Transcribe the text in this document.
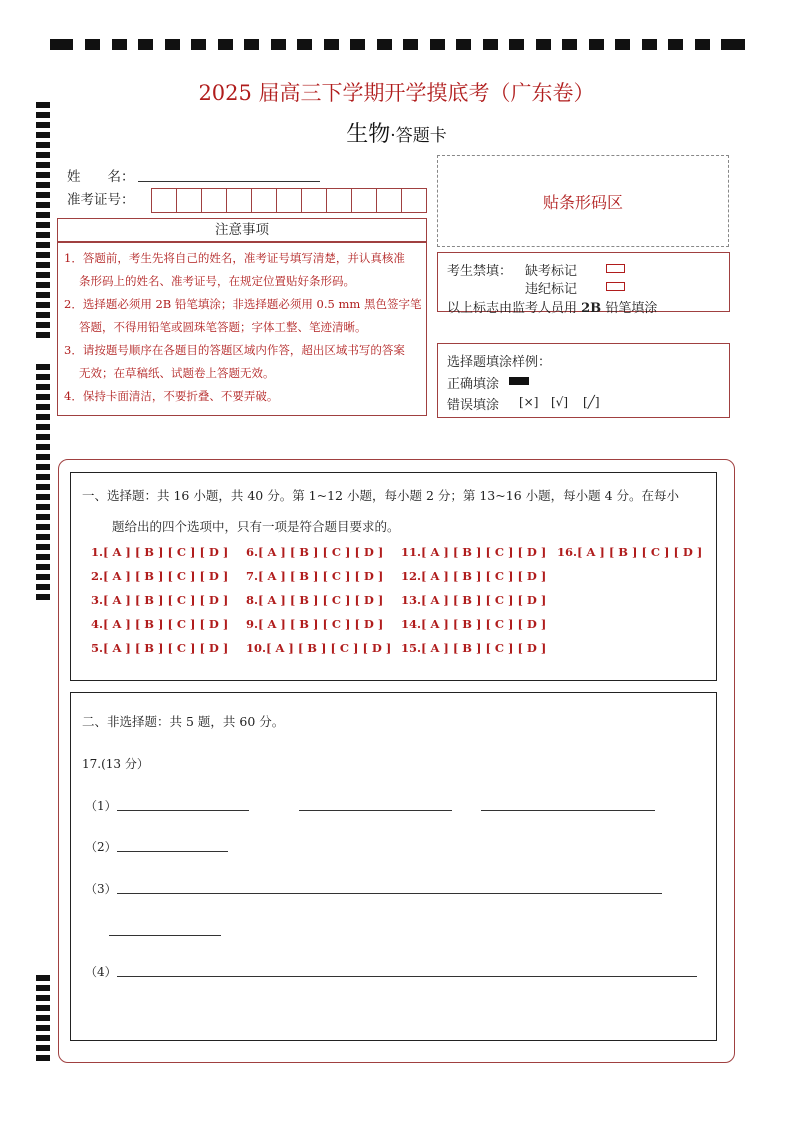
2025 届高三下学期开学摸底考（广东卷）
生物·答题卡
姓　　名：
准考证号：	贴条形码区
注意事项
1．答题前，考生先将自己的姓名，准考证号填写清楚，并认真核准
条形码上的姓名、准考证号，在规定位置贴好条形码。
2．选择题必须用 2B 铅笔填涂；非选择题必须用 0.5 mm 黑色签字笔
答题，不得用铅笔或圆珠笔答题；字体工整、笔迹清晰。
3．请按题号顺序在各题目的答题区域内作答，超出区域书写的答案
无效；在草稿纸、试题卷上答题无效。
4．保持卡面清洁，不要折叠、不要弄破。
考生禁填： 缺考标记
违纪标记
以上标志由监考人员用 2B 铅笔填涂
选择题填涂样例：
正确填涂
错误填涂 [×] [√] [╱]
一、选择题：共 16 小题，共 40 分。第 1~12 小题，每小题 2 分；第 13~16 小题，每小题 4 分。在每小
题给出的四个选项中，只有一项是符合题目要求的。
1.[ A ] [ B ] [ C ] [ D ]
2.[ A ] [ B ] [ C ] [ D ]
3.[ A ] [ B ] [ C ] [ D ]
4.[ A ] [ B ] [ C ] [ D ]
5.[ A ] [ B ] [ C ] [ D ]
6.[ A ] [ B ] [ C ] [ D ]
7.[ A ] [ B ] [ C ] [ D ]
8.[ A ] [ B ] [ C ] [ D ]
9.[ A ] [ B ] [ C ] [ D ]
10.[ A ] [ B ] [ C ] [ D ]
11.[ A ] [ B ] [ C ] [ D ]
12.[ A ] [ B ] [ C ] [ D ]
13.[ A ] [ B ] [ C ] [ D ]
14.[ A ] [ B ] [ C ] [ D ]
15.[ A ] [ B ] [ C ] [ D ]
16.[ A ] [ B ] [ C ] [ D ]
二、非选择题：共 5 题，共 60 分。
17.(13 分）
（1）
（2）
（3）
（4）
